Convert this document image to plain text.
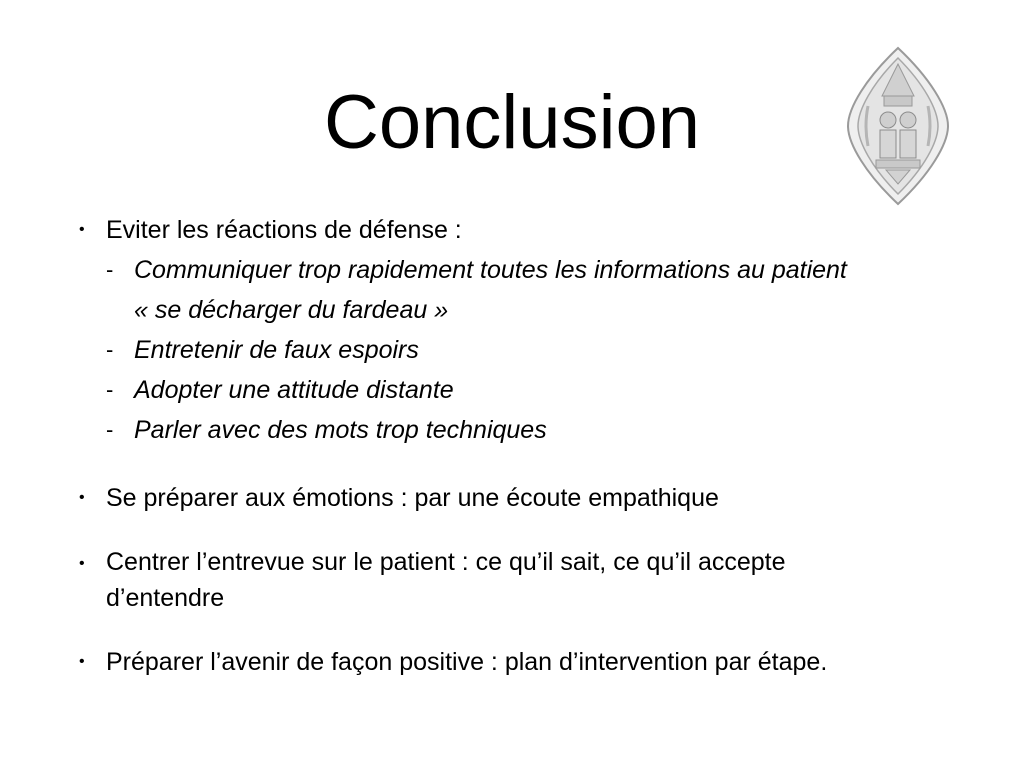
Conclusion
• Eviter les réactions de défense :
- Communiquer trop rapidement toutes les informations au patient
« se décharger du fardeau »
- Entretenir de faux espoirs
- Adopter une attitude distante
- Parler avec des mots trop techniques
• Se préparer aux émotions : par une écoute empathique
• Centrer l’entrevue sur le patient : ce qu’il sait, ce qu’il accepte d’entendre
• Préparer l’avenir de façon positive : plan d’intervention par étape.
